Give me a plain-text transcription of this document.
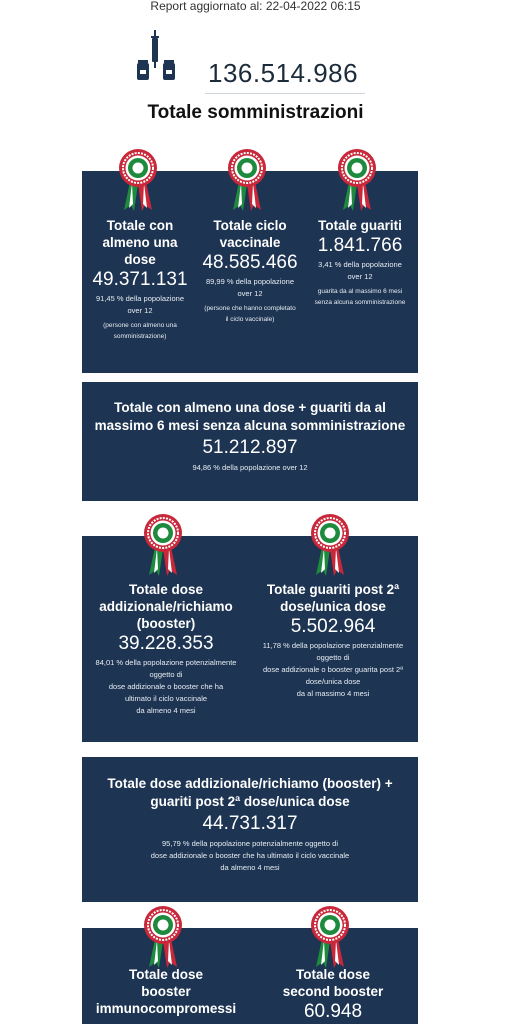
Report aggiornato al: 22-04-2022 06:15
136.514.986
Totale somministrazioni
Totale con
almeno una
dose
49.371.131
91,45 % della popolazione
over 12
(persone con almeno una
somministrazione)
Totale ciclo
vaccinale
48.585.466
89,99 % della popolazione
over 12
(persone che hanno completato
il ciclo vaccinale)
Totale guariti
1.841.766
3,41 % della popolazione
over 12
guarita da al massimo 6 mesi
senza alcuna somministrazione
Totale con almeno una dose + guariti da al
massimo 6 mesi senza alcuna somministrazione
51.212.897
94,86 % della popolazione over 12
Totale dose
addizionale/richiamo
(booster)
39.228.353
84,01 % della popolazione potenzialmente
oggetto di
dose addizionale o booster che ha
ultimato il ciclo vaccinale
da almeno 4 mesi
Totale guariti post 2ª
dose/unica dose
5.502.964
11,78 % della popolazione potenzialmente
oggetto di
dose addizionale o booster guarita post 2ª
dose/unica dose
da al massimo 4 mesi
Totale dose addizionale/richiamo (booster) +
guariti post 2ª dose/unica dose
44.731.317
95,79 % della popolazione potenzialmente oggetto di
dose addizionale o booster che ha ultimato il ciclo vaccinale
da almeno 4 mesi
Totale dose
booster
immunocompromessi
Totale dose
second booster
60.948
